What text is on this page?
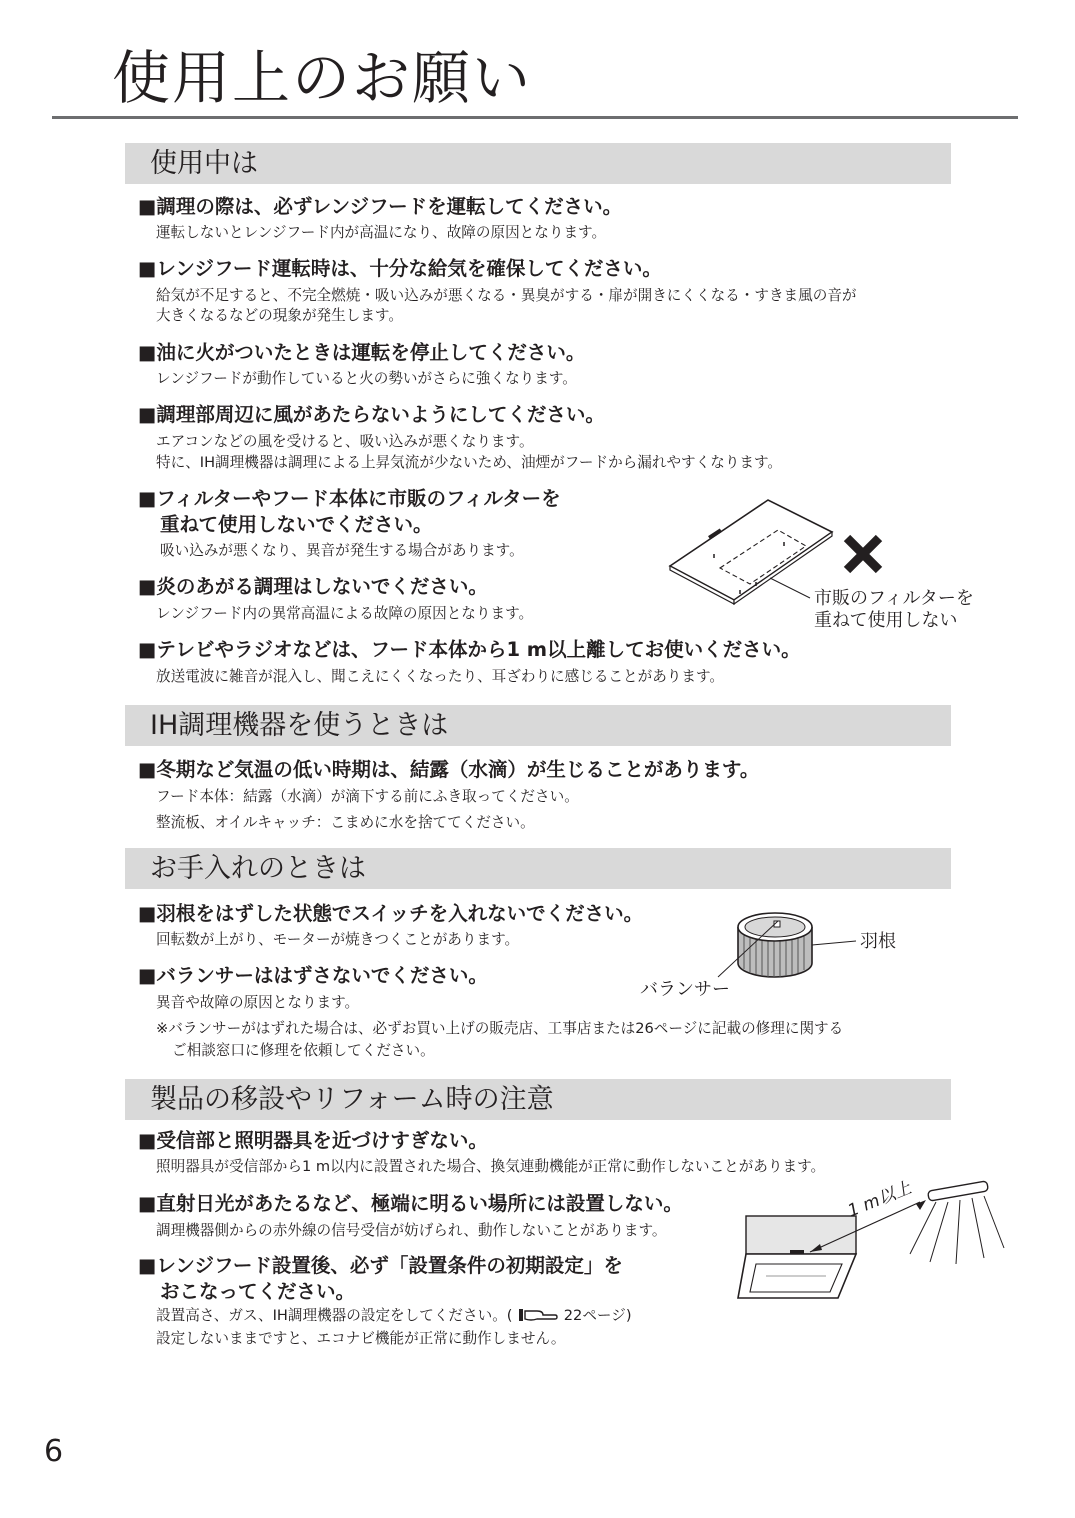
使用上のお願い
使用中は
■調理の際は、必ずレンジフードを運転してください。
運転しないとレンジフード内が高温になり、故障の原因となります。
■レンジフード運転時は、十分な給気を確保してください。
給気が不足すると、不完全燃焼・吸い込みが悪くなる・異臭がする・扉が開きにくくなる・すきま風の音が
大きくなるなどの現象が発生します。
■油に火がついたときは運転を停止してください。
レンジフードが動作していると火の勢いがさらに強くなります。
■調理部周辺に風があたらないようにしてください。
エアコンなどの風を受けると、吸い込みが悪くなります。
特に、IH調理機器は調理による上昇気流が少ないため、油煙がフードから漏れやすくなります。
■フィルターやフード本体に市販のフィルターを
重ねて使用しないでください。
吸い込みが悪くなり、異音が発生する場合があります。
市販のフィルターを
重ねて使用しない
■炎のあがる調理はしないでください。
レンジフード内の異常高温による故障の原因となります。
■テレビやラジオなどは、フード本体から1 m以上離してお使いください。
放送電波に雑音が混入し、聞こえにくくなったり、耳ざわりに感じることがあります。
IH調理機器を使うときは
■冬期など気温の低い時期は、結露（水滴）が生じることがあります。
フード本体：結露（水滴）が滴下する前にふき取ってください。
整流板、オイルキャッチ：こまめに水を捨ててください。
お手入れのときは
■羽根をはずした状態でスイッチを入れないでください。
回転数が上がり、モーターが焼きつくことがあります。
■バランサーははずさないでください。
異音や故障の原因となります。
※バランサーがはずれた場合は、必ずお買い上げの販売店、工事店または26ページに記載の修理に関する
ご相談窓口に修理を依頼してください。
羽根
バランサー
製品の移設やリフォーム時の注意
■受信部と照明器具を近づけすぎない。
照明器具が受信部から1 m以内に設置された場合、換気連動機能が正常に動作しないことがあります。
■直射日光があたるなど、極端に明るい場所には設置しない。
調理機器側からの赤外線の信号受信が妨げられ、動作しないことがあります。
■レンジフード設置後、必ず「設置条件の初期設定」を
おこなってください。
設置高さ、ガス、IH調理機器の設定をしてください。(	22ページ)
設定しないままですと、エコナビ機能が正常に動作しません。
1 m以上
6
